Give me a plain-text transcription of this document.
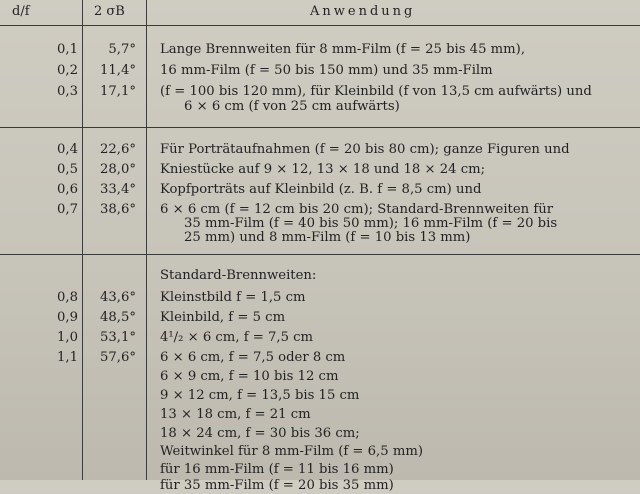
d/f	2 σB	Anwendung
0,1	5,7° Lange Brennweiten für 8 mm-Film (f = 25 bis 45 mm),
0,2	11,4° 16 mm-Film (f = 50 bis 150 mm) und 35 mm-Film
0,3	17,1° (f = 100 bis 120 mm), für Kleinbild (f von 13,5 cm aufwärts) und
6 × 6 cm (f von 25 cm aufwärts)
0,4	22,6° Für Porträtaufnahmen (f = 20 bis 80 cm); ganze Figuren und
0,5	28,0° Kniestücke auf 9 × 12, 13 × 18 und 18 × 24 cm;
0,6	33,4° Kopfporträts auf Kleinbild (z. B. f = 8,5 cm) und
0,7	38,6° 6 × 6 cm (f = 12 cm bis 20 cm); Standard-Brennweiten für
35 mm-Film (f = 40 bis 50 mm); 16 mm-Film (f = 20 bis
25 mm) und 8 mm-Film (f = 10 bis 13 mm)
Standard-Brennweiten:
0,8	43,6° Kleinstbild f = 1,5 cm
0,9	48,5° Kleinbild, f = 5 cm
1,0	53,1° 4¹/₂ × 6 cm, f = 7,5 cm
1,1	57,6° 6 × 6 cm, f = 7,5 oder 8 cm
6 × 9 cm, f = 10 bis 12 cm
9 × 12 cm, f = 13,5 bis 15 cm
13 × 18 cm, f = 21 cm
18 × 24 cm, f = 30 bis 36 cm;
Weitwinkel für 8 mm-Film (f = 6,5 mm)
für 16 mm-Film (f = 11 bis 16 mm)
für 35 mm-Film (f = 20 bis 35 mm)
